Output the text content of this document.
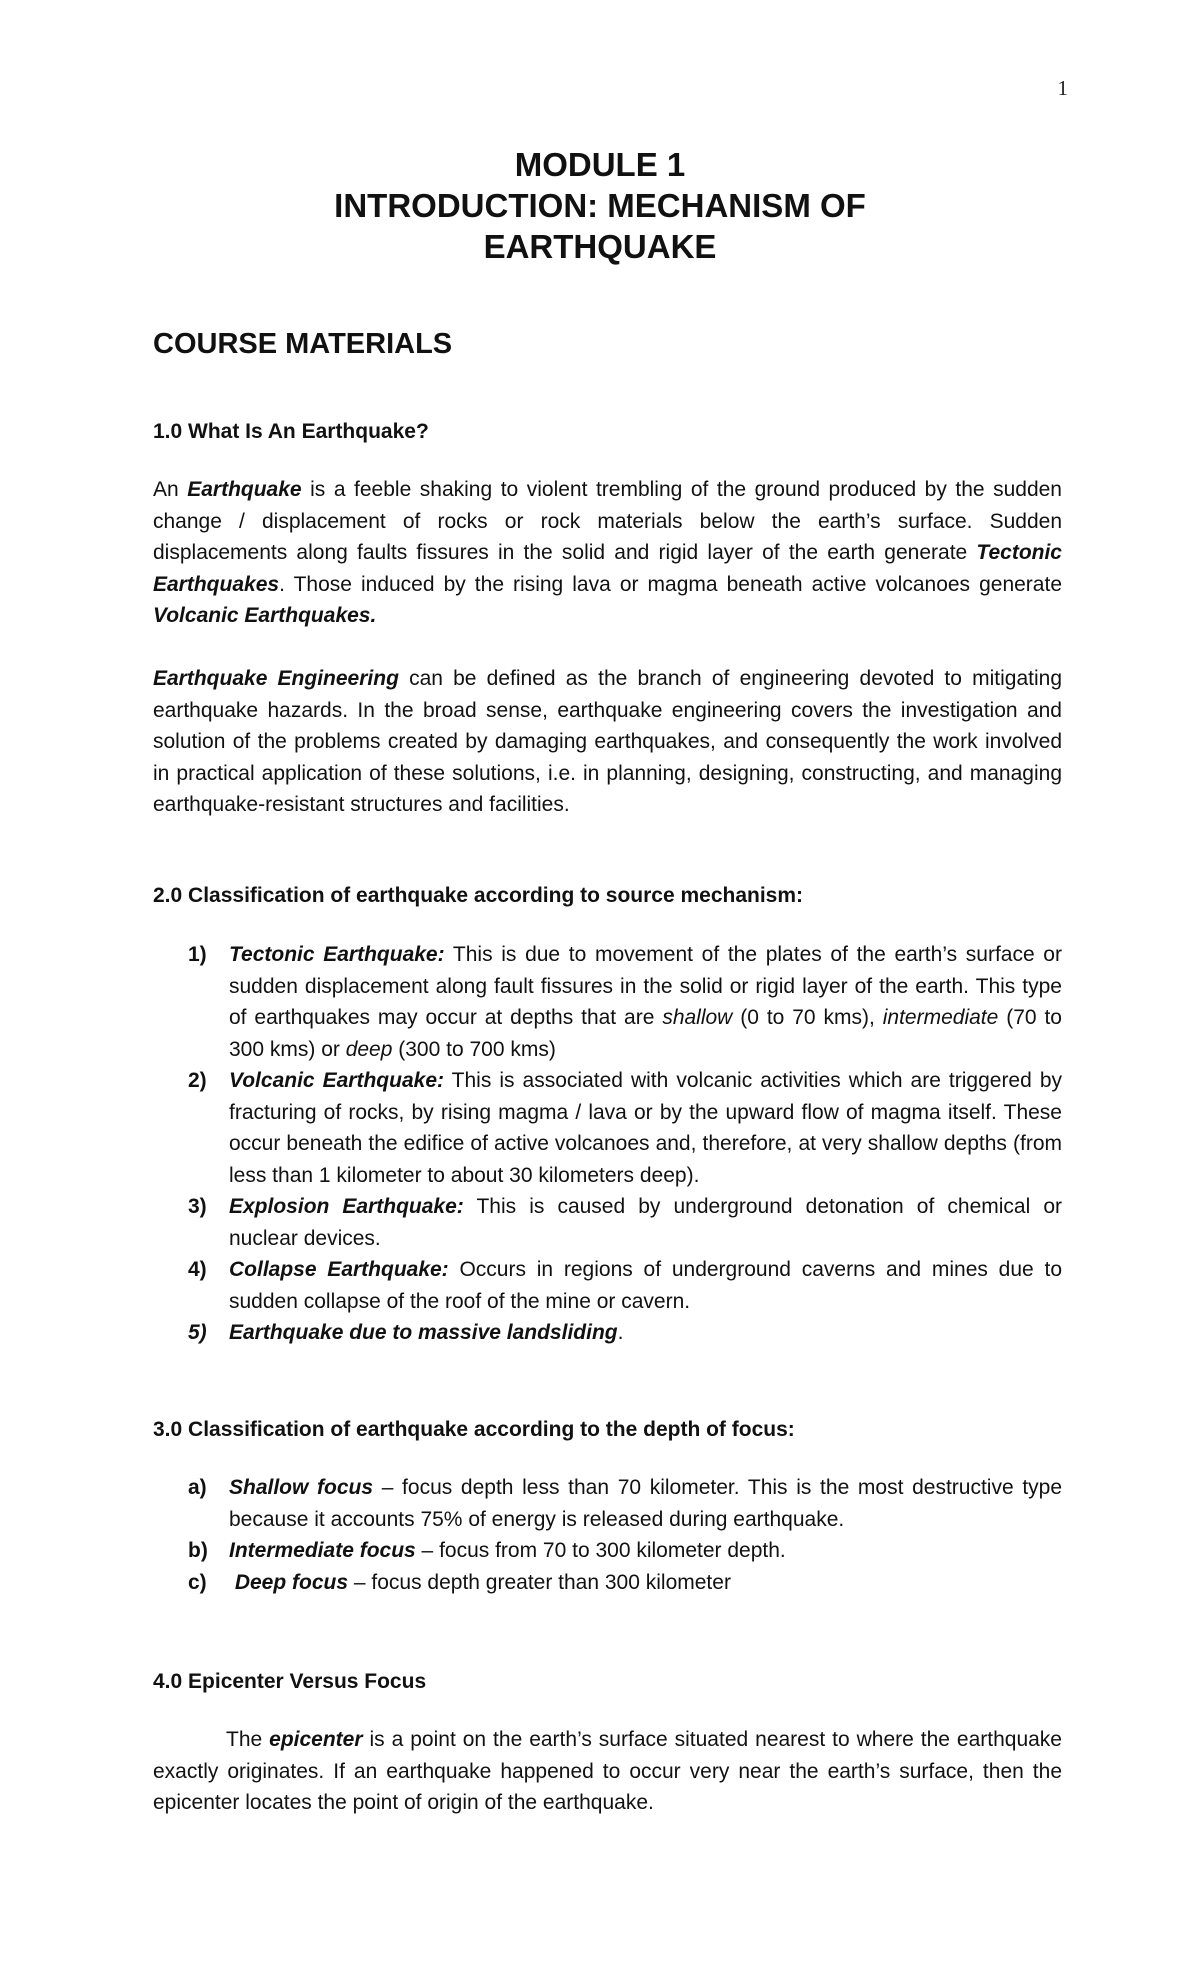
1
MODULE 1
INTRODUCTION: MECHANISM OF
EARTHQUAKE
COURSE MATERIALS
1.0 What Is An Earthquake?

An Earthquake is a feeble shaking to violent trembling of the ground produced by the sudden change / displacement of rocks or rock materials below the earth’s surface. Sudden displacements along faults fissures in the solid and rigid layer of the earth generate Tectonic Earthquakes. Those induced by the rising lava or magma beneath active volcanoes generate Volcanic Earthquakes.

Earthquake Engineering can be defined as the branch of engineering devoted to mitigating earthquake hazards. In the broad sense, earthquake engineering covers the investigation and solution of the problems created by damaging earthquakes, and consequently the work involved in practical application of these solutions, i.e. in planning, designing, constructing, and managing earthquake-resistant structures and facilities.

2.0 Classification of earthquake according to source mechanism:
1) Tectonic Earthquake: This is due to movement of the plates of the earth’s surface or sudden displacement along fault fissures in the solid or rigid layer of the earth. This type of earthquakes may occur at depths that are shallow (0 to 70 kms), intermediate (70 to 300 kms) or deep (300 to 700 kms)
2) Volcanic Earthquake: This is associated with volcanic activities which are triggered by fracturing of rocks, by rising magma / lava or by the upward flow of magma itself. These occur beneath the edifice of active volcanoes and, therefore, at very shallow depths (from less than 1 kilometer to about 30 kilometers deep).
3) Explosion Earthquake: This is caused by underground detonation of chemical or nuclear devices.
4) Collapse Earthquake: Occurs in regions of underground caverns and mines due to sudden collapse of the roof of the mine or cavern.
5) Earthquake due to massive landsliding.
3.0 Classification of earthquake according to the depth of focus:
a) Shallow focus – focus depth less than 70 kilometer. This is the most destructive type because it accounts 75% of energy is released during earthquake.
b) Intermediate focus – focus from 70 to 300 kilometer depth.
c) Deep focus – focus depth greater than 300 kilometer
4.0 Epicenter Versus Focus

The epicenter is a point on the earth’s surface situated nearest to where the earthquake exactly originates. If an earthquake happened to occur very near the earth’s surface, then the epicenter locates the point of origin of the earthquake.
